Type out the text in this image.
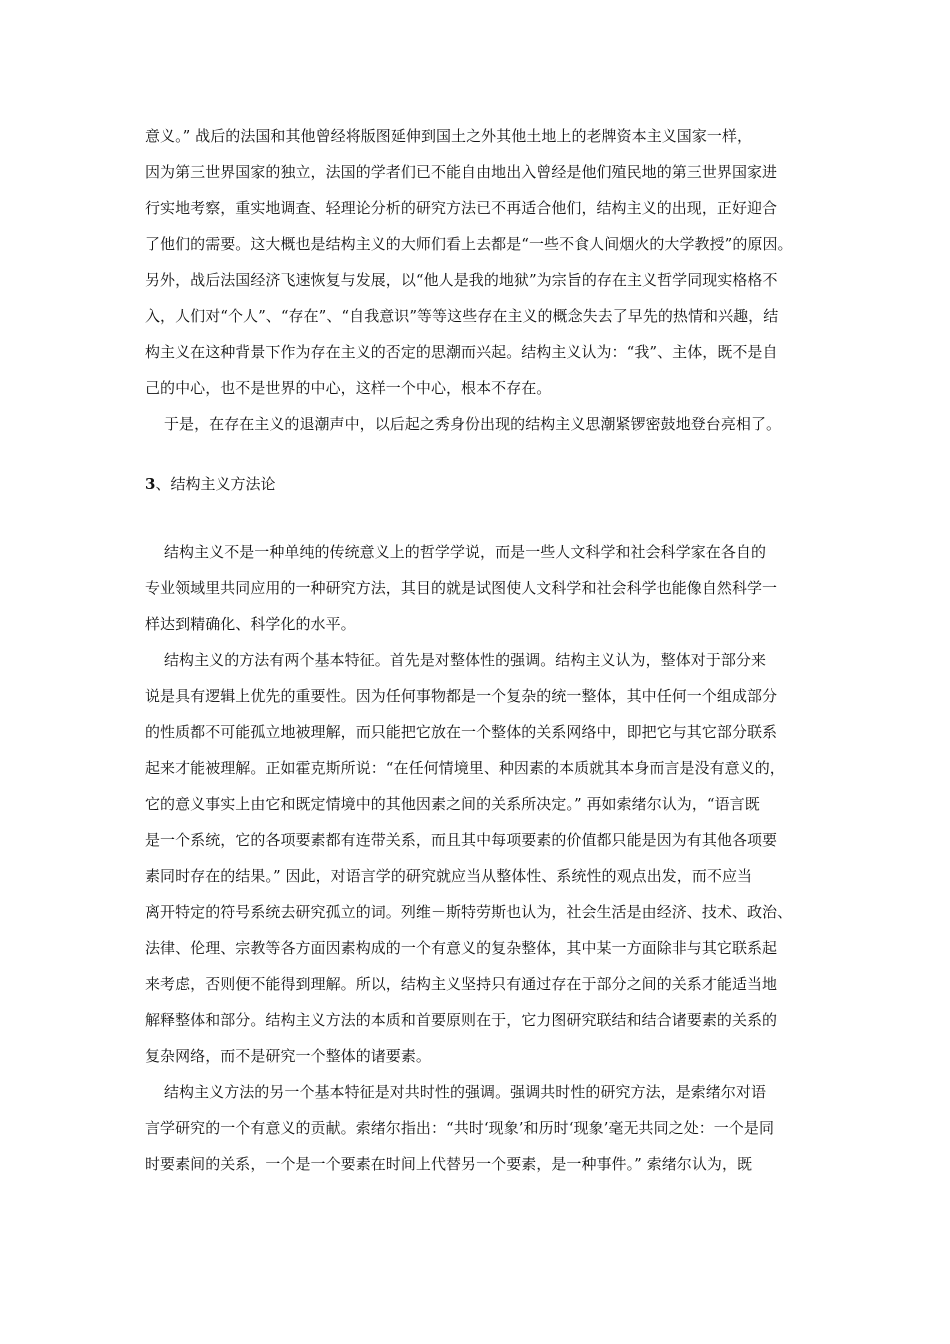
意义。” 战后的法国和其他曾经将版图延伸到国土之外其他土地上的老牌资本主义国家一样，
因为第三世界国家的独立，法国的学者们已不能自由地出入曾经是他们殖民地的第三世界国家进
行实地考察，重实地调查、轻理论分析的研究方法已不再适合他们，结构主义的出现，正好迎合
了他们的需要。这大概也是结构主义的大师们看上去都是“一些不食人间烟火的大学教授”的原因。
另外，战后法国经济飞速恢复与发展，以“他人是我的地狱”为宗旨的存在主义哲学同现实格格不
入，人们对“个人”、“存在”、“自我意识”等等这些存在主义的概念失去了早先的热情和兴趣，结
构主义在这种背景下作为存在主义的否定的思潮而兴起。结构主义认为：“我”、主体，既不是自
己的中心，也不是世界的中心，这样一个中心，根本不存在。
于是，在存在主义的退潮声中，以后起之秀身份出现的结构主义思潮紧锣密鼓地登台亮相了。
3、结构主义方法论
结构主义不是一种单纯的传统意义上的哲学学说，而是一些人文科学和社会科学家在各自的
专业领域里共同应用的一种研究方法，其目的就是试图使人文科学和社会科学也能像自然科学一
样达到精确化、科学化的水平。
结构主义的方法有两个基本特征。首先是对整体性的强调。结构主义认为，整体对于部分来
说是具有逻辑上优先的重要性。因为任何事物都是一个复杂的统一整体，其中任何一个组成部分
的性质都不可能孤立地被理解，而只能把它放在一个整体的关系网络中，即把它与其它部分联系
起来才能被理解。正如霍克斯所说：“在任何情境里、种因素的本质就其本身而言是没有意义的，
它的意义事实上由它和既定情境中的其他因素之间的关系所决定。” 再如索绪尔认为，“语言既
是一个系统，它的各项要素都有连带关系，而且其中每项要素的价值都只能是因为有其他各项要
素同时存在的结果。” 因此，对语言学的研究就应当从整体性、系统性的观点出发，而不应当
离开特定的符号系统去研究孤立的词。列维－斯特劳斯也认为，社会生活是由经济、技术、政治、
法律、伦理、宗教等各方面因素构成的一个有意义的复杂整体，其中某一方面除非与其它联系起
来考虑，否则便不能得到理解。所以，结构主义坚持只有通过存在于部分之间的关系才能适当地
解释整体和部分。结构主义方法的本质和首要原则在于，它力图研究联结和结合诸要素的关系的
复杂网络，而不是研究一个整体的诸要素。
结构主义方法的另一个基本特征是对共时性的强调。强调共时性的研究方法，是索绪尔对语
言学研究的一个有意义的贡献。索绪尔指出：“共时‘现象’和历时‘现象’毫无共同之处：一个是同
时要素间的关系，一个是一个要素在时间上代替另一个要素，是一种事件。” 索绪尔认为，既
